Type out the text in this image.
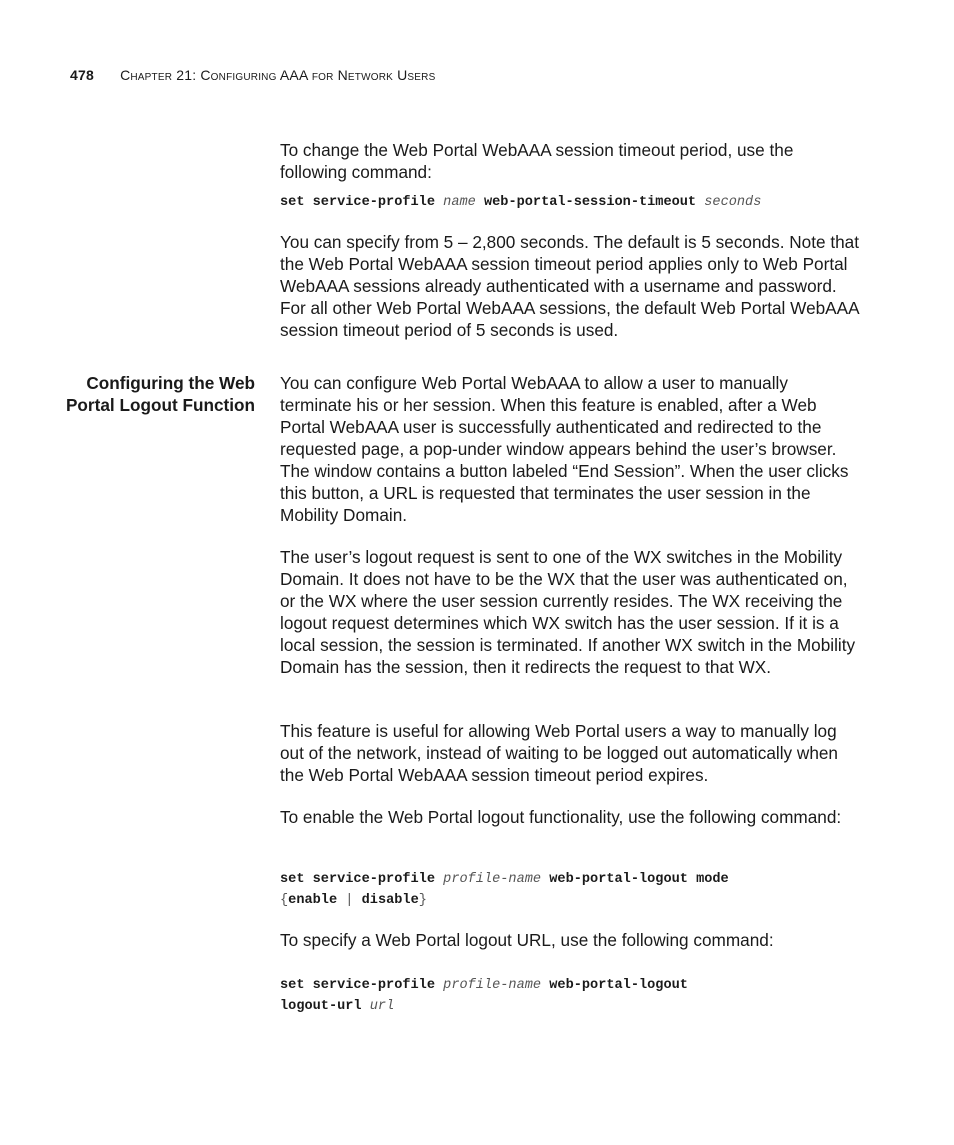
478 Chapter 21: Configuring AAA for Network Users
Configuring the Web Portal Logout Function

To change the Web Portal WebAAA session timeout period, use the following command:

set service-profile name web-portal-session-timeout seconds

You can specify from 5 – 2,800 seconds. The default is 5 seconds. Note that the Web Portal WebAAA session timeout period applies only to Web Portal WebAAA sessions already authenticated with a username and password. For all other Web Portal WebAAA sessions, the default Web Portal WebAAA session timeout period of 5 seconds is used.

You can configure Web Portal WebAAA to allow a user to manually terminate his or her session. When this feature is enabled, after a Web Portal WebAAA user is successfully authenticated and redirected to the requested page, a pop-under window appears behind the user’s browser. The window contains a button labeled “End Session”. When the user clicks this button, a URL is requested that terminates the user session in the Mobility Domain.

The user’s logout request is sent to one of the WX switches in the Mobility Domain. It does not have to be the WX that the user was authenticated on, or the WX where the user session currently resides. The WX receiving the logout request determines which WX switch has the user session. If it is a local session, the session is terminated. If another WX switch in the Mobility Domain has the session, then it redirects the request to that WX.

This feature is useful for allowing Web Portal users a way to manually log out of the network, instead of waiting to be logged out automatically when the Web Portal WebAAA session timeout period expires.

To enable the Web Portal logout functionality, use the following command:

set service-profile profile-name web-portal-logout mode

{enable | disable}

To specify a Web Portal logout URL, use the following command:

set service-profile profile-name web-portal-logout

logout-url url
